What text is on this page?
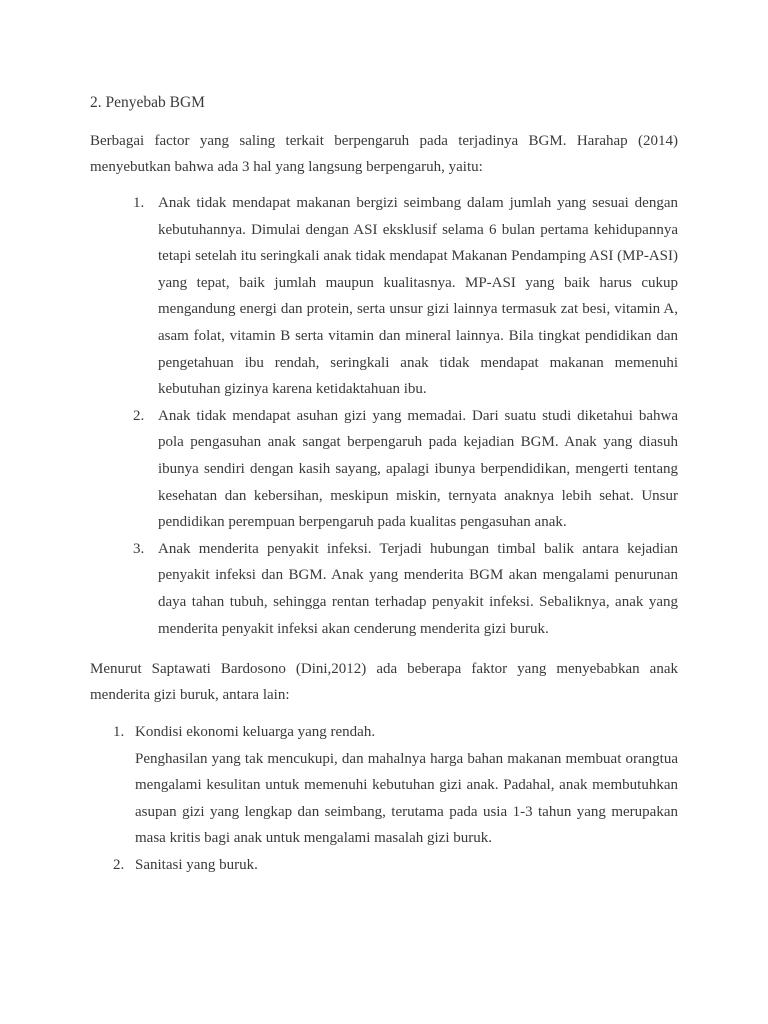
2. Penyebab BGM

Berbagai factor yang saling terkait berpengaruh pada terjadinya BGM. Harahap (2014) menyebutkan bahwa ada 3 hal yang langsung berpengaruh, yaitu:

1. Anak tidak mendapat makanan bergizi seimbang dalam jumlah yang sesuai dengan kebutuhannya. Dimulai dengan ASI eksklusif selama 6 bulan pertama kehidupannya tetapi setelah itu seringkali anak tidak mendapat Makanan Pendamping ASI (MP-ASI) yang tepat, baik jumlah maupun kualitasnya. MP-ASI yang baik harus cukup mengandung energi dan protein, serta unsur gizi lainnya termasuk zat besi, vitamin A, asam folat, vitamin B serta vitamin dan mineral lainnya. Bila tingkat pendidikan dan pengetahuan ibu rendah, seringkali anak tidak mendapat makanan memenuhi kebutuhan gizinya karena ketidaktahuan ibu.
2. Anak tidak mendapat asuhan gizi yang memadai. Dari suatu studi diketahui bahwa pola pengasuhan anak sangat berpengaruh pada kejadian BGM. Anak yang diasuh ibunya sendiri dengan kasih sayang, apalagi ibunya berpendidikan, mengerti tentang kesehatan dan kebersihan, meskipun miskin, ternyata anaknya lebih sehat. Unsur pendidikan perempuan berpengaruh pada kualitas pengasuhan anak.
3. Anak menderita penyakit infeksi. Terjadi hubungan timbal balik antara kejadian penyakit infeksi dan BGM. Anak yang menderita BGM akan mengalami penurunan daya tahan tubuh, sehingga rentan terhadap penyakit infeksi. Sebaliknya, anak yang menderita penyakit infeksi akan cenderung menderita gizi buruk.

Menurut Saptawati Bardosono (Dini,2012) ada beberapa faktor yang menyebabkan anak menderita gizi buruk, antara lain:

1. Kondisi ekonomi keluarga yang rendah.
Penghasilan yang tak mencukupi, dan mahalnya harga bahan makanan membuat orangtua mengalami kesulitan untuk memenuhi kebutuhan gizi anak. Padahal, anak membutuhkan asupan gizi yang lengkap dan seimbang, terutama pada usia 1-3 tahun yang merupakan masa kritis bagi anak untuk mengalami masalah gizi buruk.
2. Sanitasi yang buruk.
